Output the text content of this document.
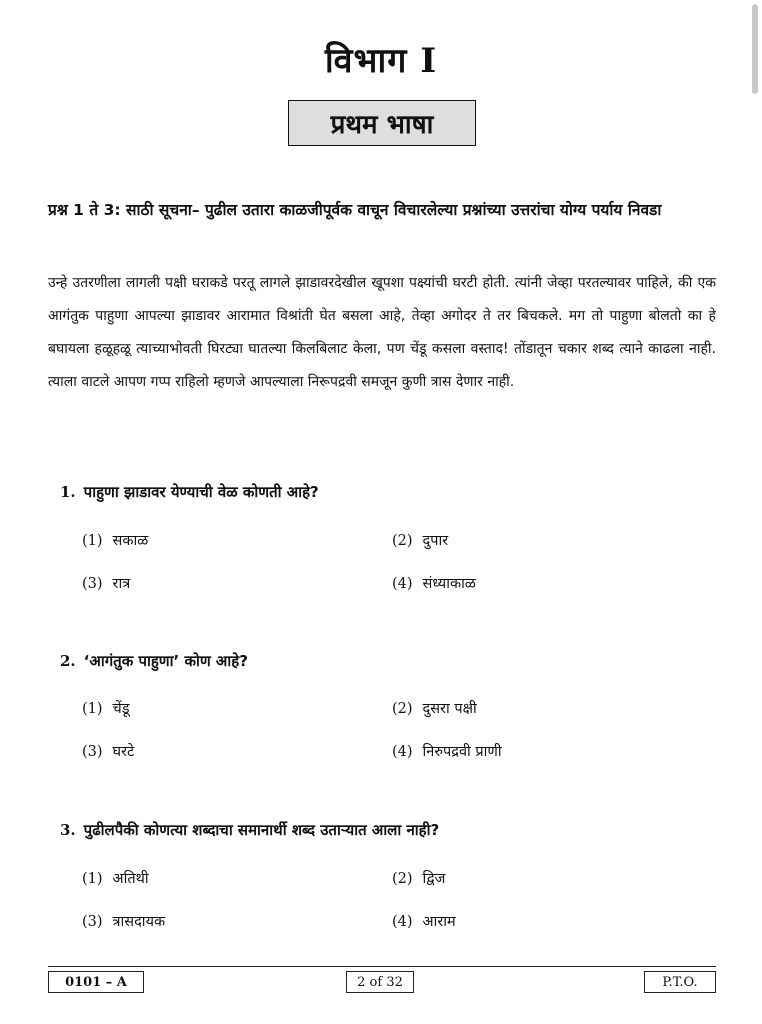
विभाग I
प्रथम भाषा
प्रश्न 1 ते 3: साठी सूचना– पुढील उतारा काळजीपूर्वक वाचून विचारलेल्या प्रश्नांच्या उत्तरांचा योग्य पर्याय निवडा
उन्हे उतरणीला लागली पक्षी घराकडे परतू लागले झाडावरदेखील खूपशा पक्ष्यांची घरटी होती. त्यांनी जेव्हा परतल्यावर पाहिले, की एक आगंतुक पाहुणा आपल्या झाडावर आरामात विश्रांती घेत बसला आहे, तेव्हा अगोदर ते तर बिचकले. मग तो पाहुणा बोलतो का हे बघायला हळूहळू त्याच्याभोवती घिरट्या घातल्या किलबिलाट केला, पण चेंडू कसला वस्ताद! तोंडातून चकार शब्द त्याने काढला नाही. त्याला वाटले आपण गप्प राहिलो म्हणजे आपल्याला निरूपद्रवी समजून कुणी त्रास देणार नाही.
1. पाहुणा झाडावर येण्याची वेळ कोणती आहे?
(1) सकाळ	(2) दुपार
(3) रात्र	(4) संध्याकाळ
2. ‘आगंतुक पाहुणा’ कोण आहे?
(1) चेंडू	(2) दुसरा पक्षी
(3) घरटे	(4) निरुपद्रवी प्राणी
3. पुढीलपैकी कोणत्या शब्दाचा समानार्थी शब्द उताऱ्यात आला नाही?
(1) अतिथी	(2) द्विज
(3) त्रासदायक	(4) आराम
0101 – A	2 of 32	P.T.O.
